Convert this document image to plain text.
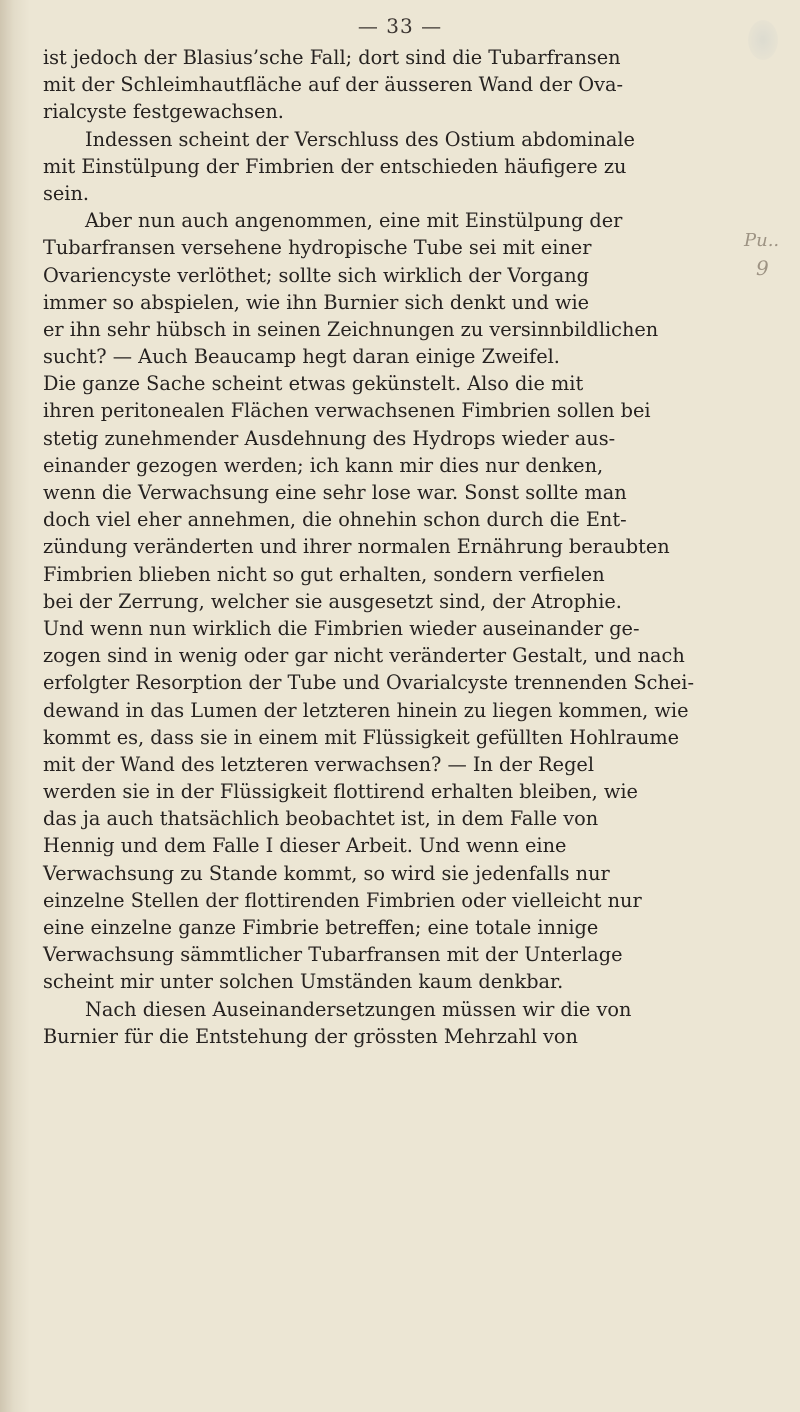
— 33 —
ist jedoch der Blasius’sche Fall; dort sind die Tubarfransen
mit der Schleimhautfläche auf der äusseren Wand der Ova-
rialcyste festgewachsen.
Indessen scheint der Verschluss des Ostium abdominale
mit Einstülpung der Fimbrien der entschieden häufigere zu
sein.
Aber nun auch angenommen, eine mit Einstülpung der
Tubarfransen versehene hydropische Tube sei mit einer
Ovariencyste verlöthet; sollte sich wirklich der Vorgang
immer so abspielen, wie ihn Burnier sich denkt und wie
er ihn sehr hübsch in seinen Zeichnungen zu versinnbildlichen
sucht? — Auch Beaucamp hegt daran einige Zweifel.
Die ganze Sache scheint etwas gekünstelt. Also die mit
ihren peritonealen Flächen verwachsenen Fimbrien sollen bei
stetig zunehmender Ausdehnung des Hydrops wieder aus-
einander gezogen werden; ich kann mir dies nur denken,
wenn die Verwachsung eine sehr lose war. Sonst sollte man
doch viel eher annehmen, die ohnehin schon durch die Ent-
zündung veränderten und ihrer normalen Ernährung beraubten
Fimbrien blieben nicht so gut erhalten, sondern verfielen
bei der Zerrung, welcher sie ausgesetzt sind, der Atrophie.
Und wenn nun wirklich die Fimbrien wieder auseinander ge-
zogen sind in wenig oder gar nicht veränderter Gestalt, und nach
erfolgter Resorption der Tube und Ovarialcyste trennenden Schei-
dewand in das Lumen der letzteren hinein zu liegen kommen, wie
kommt es, dass sie in einem mit Flüssigkeit gefüllten Hohlraume
mit der Wand des letzteren verwachsen? — In der Regel
werden sie in der Flüssigkeit flottirend erhalten bleiben, wie
das ja auch thatsächlich beobachtet ist, in dem Falle von
Hennig und dem Falle I dieser Arbeit. Und wenn eine
Verwachsung zu Stande kommt, so wird sie jedenfalls nur
einzelne Stellen der flottirenden Fimbrien oder vielleicht nur
eine einzelne ganze Fimbrie betreffen; eine totale innige
Verwachsung sämmtlicher Tubarfransen mit der Unterlage
scheint mir unter solchen Umständen kaum denkbar.
Nach diesen Auseinandersetzungen müssen wir die von
Burnier für die Entstehung der grössten Mehrzahl von
Pu..
9
